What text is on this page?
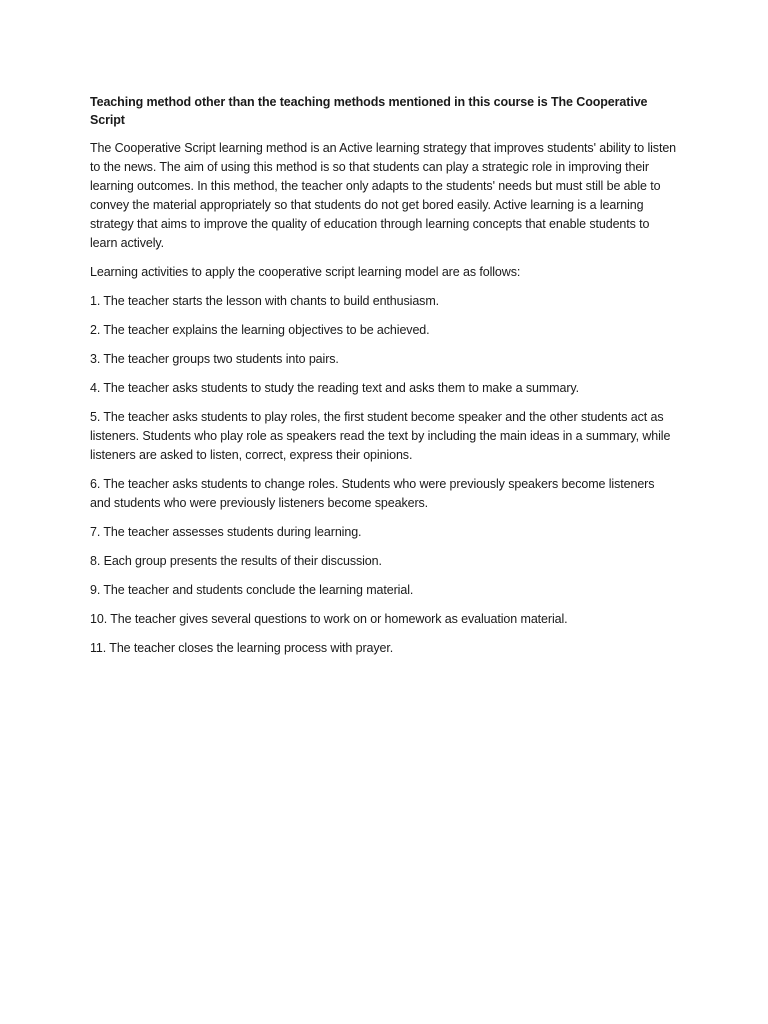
Teaching method other than the teaching methods mentioned in this course is The Cooperative Script

The Cooperative Script learning method is an Active learning strategy that improves students' ability to listen to the news. The aim of using this method is so that students can play a strategic role in improving their learning outcomes. In this method, the teacher only adapts to the students' needs but must still be able to convey the material appropriately so that students do not get bored easily. Active learning is a learning strategy that aims to improve the quality of education through learning concepts that enable students to learn actively.

Learning activities to apply the cooperative script learning model are as follows:

1. The teacher starts the lesson with chants to build enthusiasm.
2. The teacher explains the learning objectives to be achieved.
3. The teacher groups two students into pairs.
4. The teacher asks students to study the reading text and asks them to make a summary.
5. The teacher asks students to play roles, the first student become speaker and the other students act as listeners. Students who play role as speakers read the text by including the main ideas in a summary, while listeners are asked to listen, correct, express their opinions.
6. The teacher asks students to change roles. Students who were previously speakers become listeners and students who were previously listeners become speakers.
7. The teacher assesses students during learning.
8. Each group presents the results of their discussion.
9. The teacher and students conclude the learning material.
10. The teacher gives several questions to work on or homework as evaluation material.
11. The teacher closes the learning process with prayer.
